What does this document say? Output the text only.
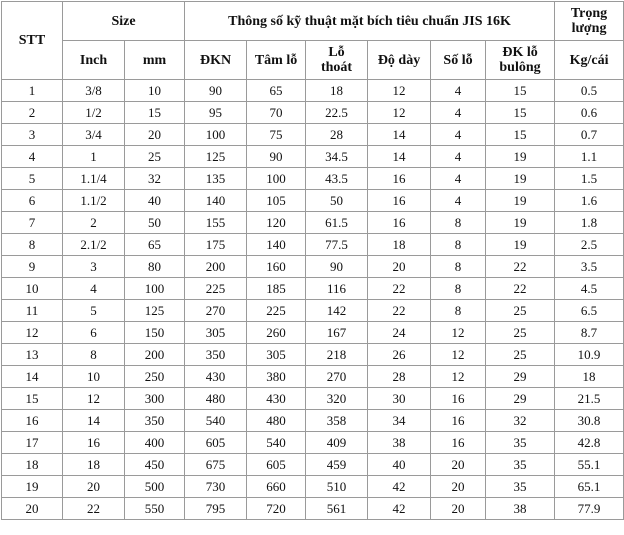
STT	Size		Thông số kỹ thuật mặt bích tiêu chuẩn JIS 16K						Trọng
lượng
	Inch	mm	ĐKN	Tâm lỗ	Lỗ
thoát	Độ dày	Số lỗ	ĐK lỗ
bulông	Kg/cái
1	3/8	10	90	65	18	12	4	15	0.5
2	1/2	15	95	70	22.5	12	4	15	0.6
3	3/4	20	100	75	28	14	4	15	0.7
4	1	25	125	90	34.5	14	4	19	1.1
5	1.1/4	32	135	100	43.5	16	4	19	1.5
6	1.1/2	40	140	105	50	16	4	19	1.6
7	2	50	155	120	61.5	16	8	19	1.8
8	2.1/2	65	175	140	77.5	18	8	19	2.5
9	3	80	200	160	90	20	8	22	3.5
10	4	100	225	185	116	22	8	22	4.5
11	5	125	270	225	142	22	8	25	6.5
12	6	150	305	260	167	24	12	25	8.7
13	8	200	350	305	218	26	12	25	10.9
14	10	250	430	380	270	28	12	29	18
15	12	300	480	430	320	30	16	29	21.5
16	14	350	540	480	358	34	16	32	30.8
17	16	400	605	540	409	38	16	35	42.8
18	18	450	675	605	459	40	20	35	55.1
19	20	500	730	660	510	42	20	35	65.1
20	22	550	795	720	561	42	20	38	77.9
